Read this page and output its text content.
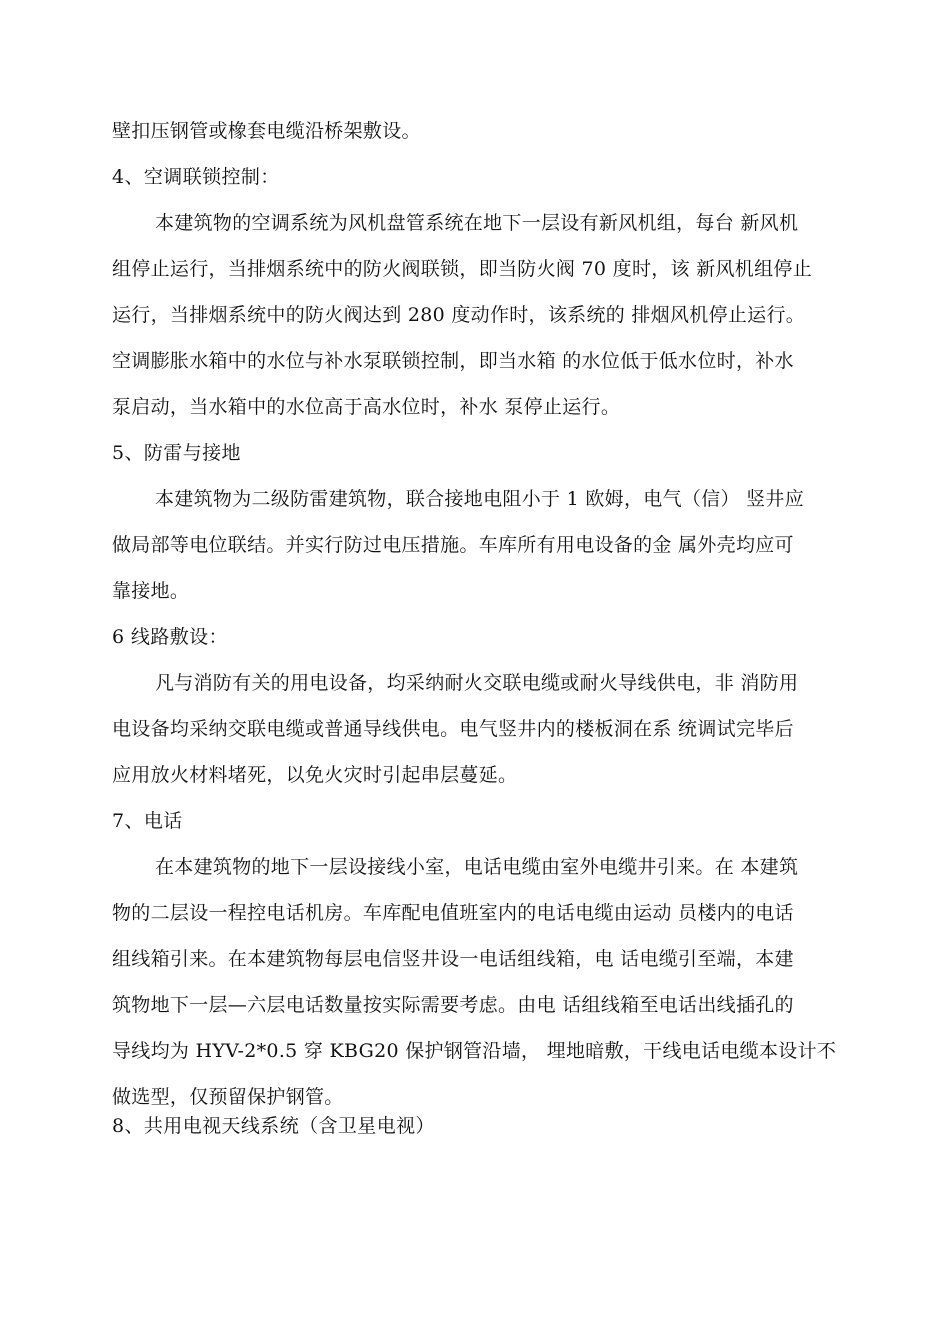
壁扣压钢管或橡套电缆沿桥架敷设。
4、空调联锁控制：
本建筑物的空调系统为风机盘管系统在地下一层设有新风机组，每台 新风机
组停止运行，当排烟系统中的防火阀联锁，即当防火阀 70 度时，该 新风机组停止
运行，当排烟系统中的防火阀达到 280 度动作时，该系统的 排烟风机停止运行。
空调膨胀水箱中的水位与补水泵联锁控制，即当水箱 的水位低于低水位时，补水
泵启动，当水箱中的水位高于高水位时，补水 泵停止运行。
5、防雷与接地
本建筑物为二级防雷建筑物，联合接地电阻小于 1 欧姆，电气（信） 竖井应
做局部等电位联结。并实行防过电压措施。车库所有用电设备的金 属外壳均应可
靠接地。
6 线路敷设：
凡与消防有关的用电设备，均采纳耐火交联电缆或耐火导线供电，非 消防用
电设备均采纳交联电缆或普通导线供电。电气竖井内的楼板洞在系 统调试完毕后
应用放火材料堵死，以免火灾时引起串层蔓延。
7、电话
在本建筑物的地下一层设接线小室，电话电缆由室外电缆井引来。在 本建筑
物的二层设一程控电话机房。车库配电值班室内的电话电缆由运动 员楼内的电话
组线箱引来。在本建筑物每层电信竖井设一电话组线箱，电 话电缆引至端，本建
筑物地下一层—六层电话数量按实际需要考虑。由电 话组线箱至电话出线插孔的
导线均为 HYV-2*0.5 穿 KBG20 保护钢管沿墙， 埋地暗敷，干线电话电缆本设计不
做选型，仅预留保护钢管。
8、共用电视天线系统（含卫星电视）
